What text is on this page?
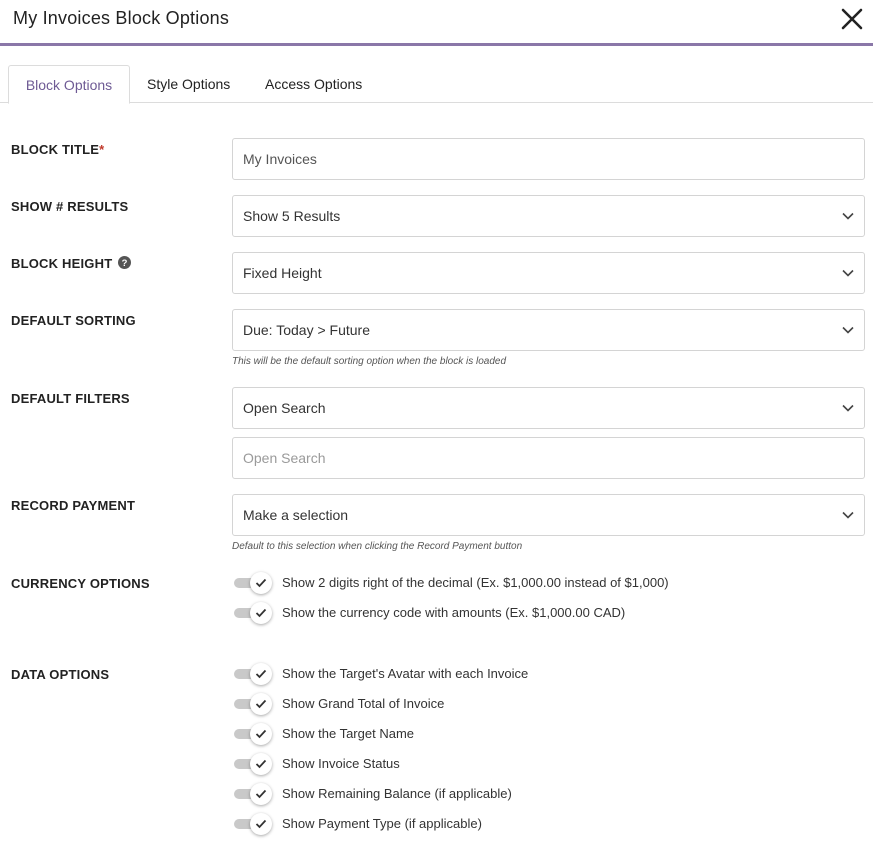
My Invoices Block Options
Block Options	Style Options Access Options
BLOCK TITLE*
My Invoices
SHOW # RESULTS
Show 5 Results
BLOCK HEIGHT ?
Fixed Height
DEFAULT SORTING
Due: Today > Future
This will be the default sorting option when the block is loaded
DEFAULT FILTERS
Open Search
Open Search
RECORD PAYMENT
Make a selection
Default to this selection when clicking the Record Payment button
CURRENCY OPTIONS	Show 2 digits right of the decimal (Ex. $1,000.00 instead of $1,000)
Show the currency code with amounts (Ex. $1,000.00 CAD)
DATA OPTIONS	Show the Target's Avatar with each Invoice
Show Grand Total of Invoice
Show the Target Name
Show Invoice Status
Show Remaining Balance (if applicable)
Show Payment Type (if applicable)
